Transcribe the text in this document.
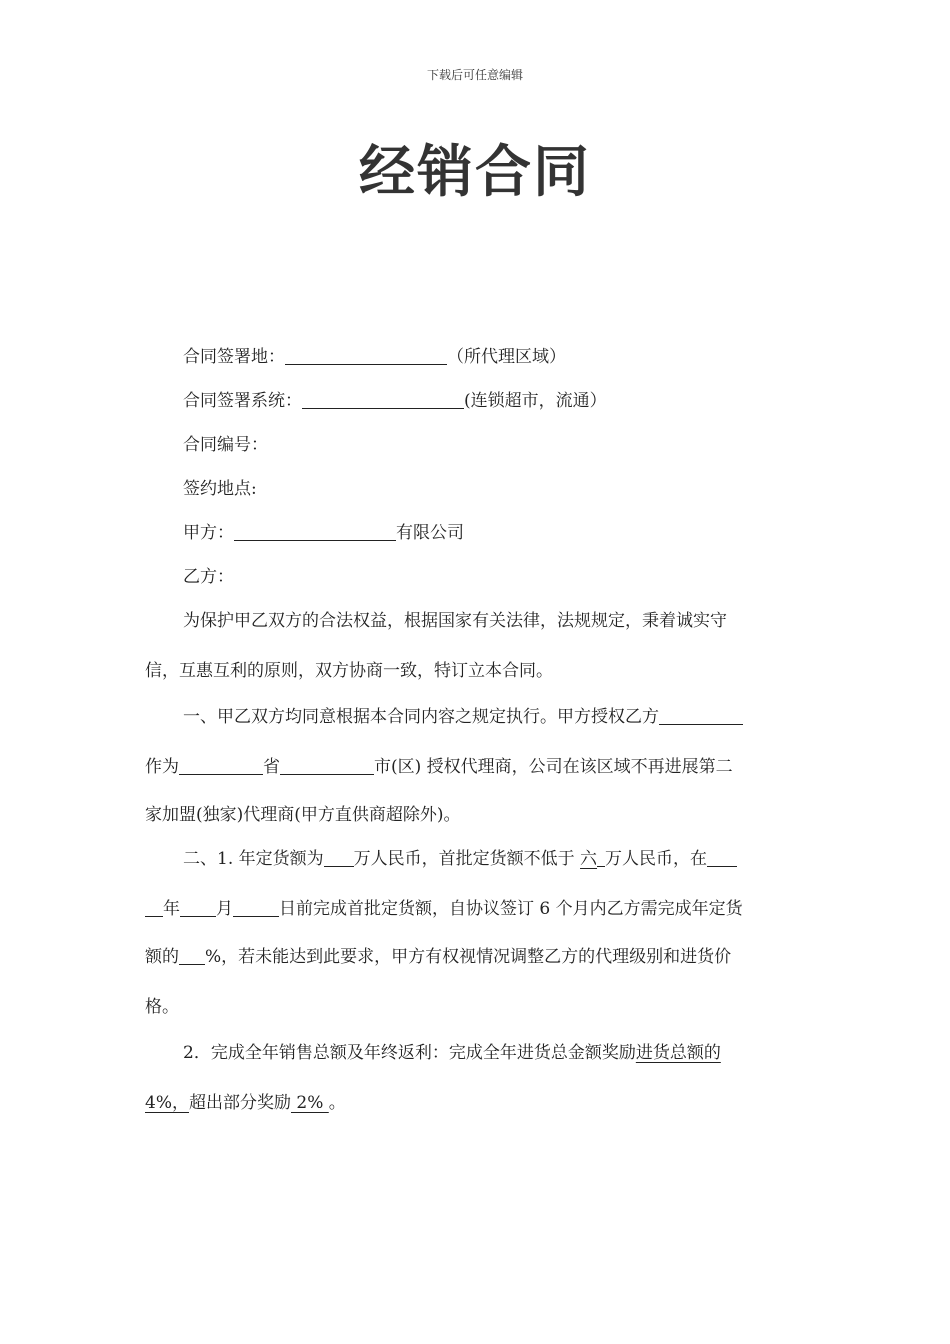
下载后可任意编辑
经销合同
合同签署地：	（所代理区域）
合同签署系统：	(连锁超市，流通）
合同编号：
签约地点:
甲方：	有限公司
乙方：
为保护甲乙双方的合法权益，根据国家有关法律，法规规定，秉着诚实守
信，互惠互利的原则，双方协商一致，特订立本合同。
一、甲乙双方均同意根据本合同内容之规定执行。甲方授权乙方
作为	省	市(区) 授权代理商，公司在该区域不再进展第二
家加盟(独家)代理商(甲方直供商超除外)。
二、1. 年定货额为 万人民币，首批定货额不低于 六 万人民币，在
年 月	日前完成首批定货额，自协议签订 6 个月内乙方需完成年定货
额的 %，若未能达到此要求，甲方有权视情况调整乙方的代理级别和进货价
格。
2．完成全年销售总额及年终返利：完成全年进货总金额奖励进货总额的
4%，超出部分奖励 2% 。
